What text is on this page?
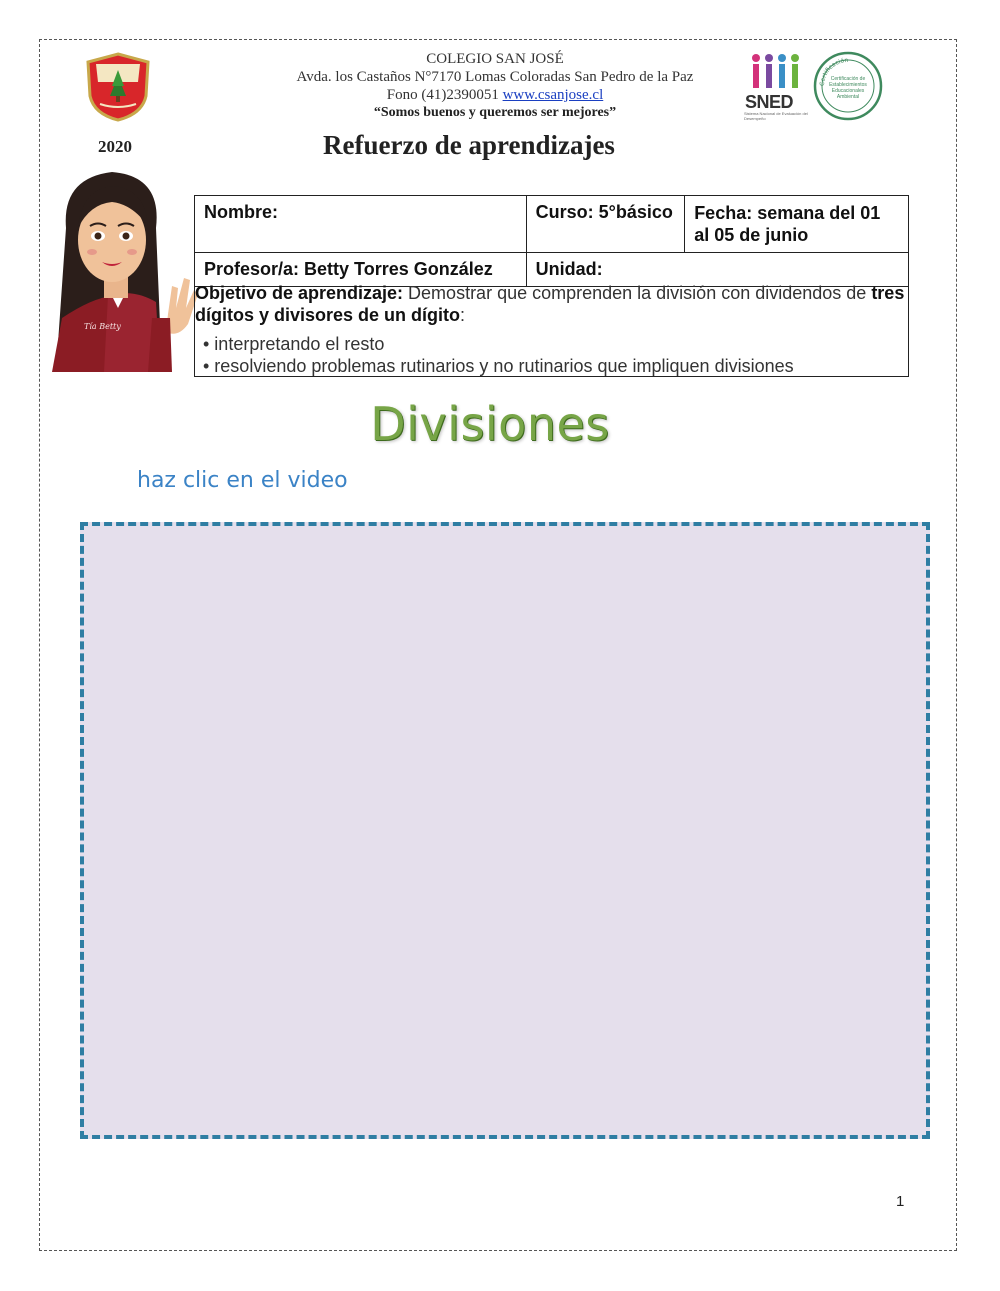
COLEGIO SAN JOSÉ
Avda. los Castaños N°7170 Lomas Coloradas San Pedro de la Paz
Fono (41)2390051 www.csanjose.cl
“Somos buenos y queremos ser mejores”
SNED
Sistema Nacional de Evaluación del Desempeño
Certificación
Certificación de Establecimientos Educacionales Ambiental
2020	Refuerzo de aprendizajes
Tía Betty
Nombre:	Curso: 5°básico	Fecha: semana del 01 al 05 de junio
Profesor/a: Betty Torres González	Unidad:	
Objetivo de aprendizaje: Demostrar que comprenden la división con dividendos de tres dígitos y divisores de un dígito:
• interpretando el resto
• resolviendo problemas rutinarios y no rutinarios que impliquen divisiones
Divisiones
haz clic en el video
1
